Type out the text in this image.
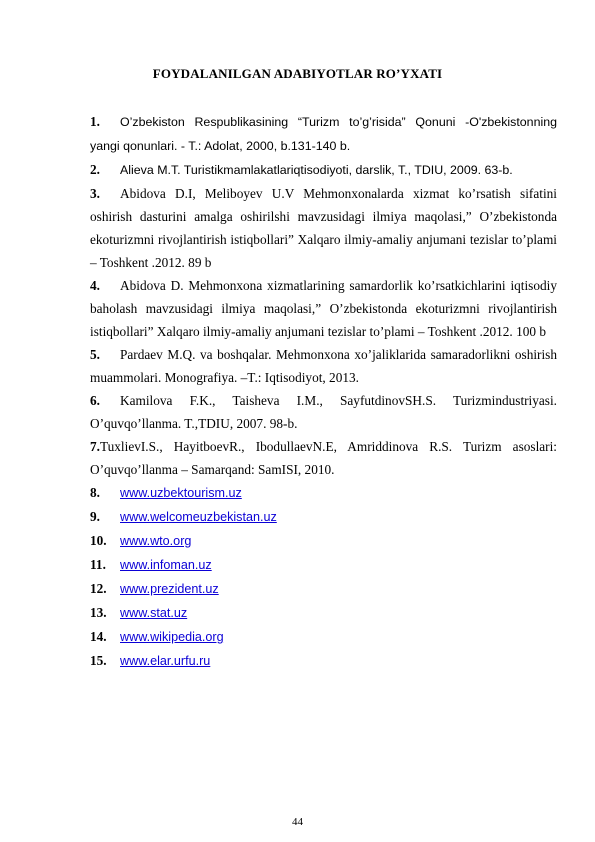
FOYDALANILGAN ADABIYOTLAR RO’YXATI
1. O’zbekiston Respublikasining “Turizm to’g’risida” Qonuni -O'zbekistonning yangi qonunlari. - T.: Adolat, 2000, b.131-140 b.
2. Alieva M.T. Turistikmamlakatlariqtisodiyoti, darslik, T., TDIU, 2009. 63-b.
3. Abidova D.I, Meliboyev U.V Mehmonxonalarda xizmat ko’rsatish sifatini oshirish dasturini amalga oshirilshi mavzusidagi ilmiya maqolasi,” O’zbekistonda ekoturizmni rivojlantirish istiqbollari” Xalqaro ilmiy-amaliy anjumani tezislar to’plami – Toshkent .2012. 89 b
4. Abidova D. Mehmonxona xizmatlarining samardorlik ko’rsatkichlarini iqtisodiy baholash mavzusidagi ilmiya maqolasi,” O’zbekistonda ekoturizmni rivojlantirish istiqbollari” Xalqaro ilmiy-amaliy anjumani tezislar to’plami – Toshkent .2012. 100 b
5. Pardaev M.Q. va boshqalar. Mehmonxona xo’jaliklarida samaradorlikni oshirish muammolari. Monografiya. –T.: Iqtisodiyot, 2013.
6. Kamilova F.K., Taisheva I.M., SayfutdinovSH.S. Turizmindustriyasi. O’quvqo’llanma. T.,TDIU, 2007. 98-b.
7.TuxlievI.S., HayitboevR., IbodullaevN.E, Amriddinova R.S. Turizm asoslari: O’quvqo’llanma – Samarqand: SamISI, 2010.
8. www.uzbektourism.uz
9. www.welcomeuzbekistan.uz
10. www.wto.org
11. www.infoman.uz
12. www.prezident.uz
13. www.stat.uz
14. www.wikipedia.org
15. www.elar.urfu.ru
44
